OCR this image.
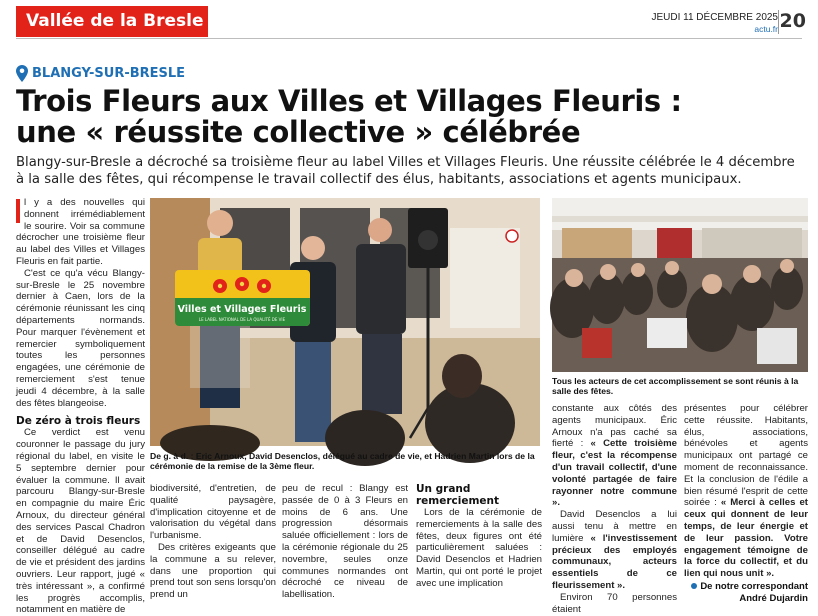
Vallée de la Bresle	JEUDI 11 DÉCEMBRE 2025
actu.fr 20
BLANGY-SUR-BRESLE
Trois Fleurs aux Villes et Villages Fleuris :
une « réussite collective » célébrée
Blangy-sur-Bresle a décroché sa troisième fleur au label Villes et Villages Fleuris. Une réussite célébrée le 4 décembre à la salle des fêtes, qui récompense le travail collectif des élus, habitants, associations et agents municipaux.

l y a des nouvelles qui donnent irrémédiablement le sourire. Voir sa commune décrocher une troisième fleur au label des Villes et Villages Fleuris en fait partie.

C'est ce qu'a vécu Blangy-sur-Bresle le 25 novembre dernier à Caen, lors de la cérémonie réunissant les cinq départements normands. Pour marquer l'évènement et remercier symboliquement toutes les personnes engagées, une cérémonie de remerciement s'est tenue jeudi 4 décembre, à la salle des fêtes blangeoise.

De zéro à trois fleurs

Ce verdict est venu couronner le passage du jury régional du label, en visite le 5 septembre dernier pour évaluer la commune. Il avait parcouru Blangy-sur-Bresle en compagnie du maire Éric Arnoux, du directeur général des services Pascal Chadron et de David Desenclos, conseiller délégué au cadre de vie et président des jardins ouvriers. Leur rapport, jugé « très intéressant », a confirmé les progrès accomplis, notamment en matière de

Villes et Villages Fleuris
LE LABEL NATIONAL DE LA QUALITÉ DE VIE
De g. à d. : Eric Arnoux, David Desenclos, délégué au cadre de vie, et Hadrien Martin lors de la cérémonie de la remise de la 3ème fleur.
Tous les acteurs de cet accomplissement se sont réunis à la salle des fêtes.

biodiversité, d'entretien, de qualité paysagère, d'implication citoyenne et de valorisation du végétal dans l'urbanisme.

Des critères exigeants que la commune a su relever, dans une proportion qui prend tout son sens lorsqu'on prend un

peu de recul : Blangy est passée de 0 à 3 Fleurs en moins de 6 ans. Une progression désormais saluée officiellement : lors de la cérémonie régionale du 25 novembre, seules onze communes normandes ont décroché ce niveau de labellisation.

Un grand
remerciement

Lors de la cérémonie de remerciements à la salle des fêtes, deux figures ont été particulièrement saluées : David Desenclos et Hadrien Martin, qui ont porté le projet avec une implication

constante aux côtés des agents municipaux. Éric Arnoux n'a pas caché sa fierté : « Cette troisième fleur, c'est la récompense d'un travail collectif, d'une volonté partagée de faire rayonner notre commune ».

David Desenclos a lui aussi tenu à mettre en lumière « l'investissement précieux des employés communaux, acteurs essentiels de ce fleurissement ».

Environ 70 personnes étaient

présentes pour célébrer cette réussite. Habitants, élus, associations, bénévoles et agents municipaux ont partagé ce moment de reconnaissance. Et la conclusion de l'édile a bien résumé l'esprit de cette soirée : « Merci à celles et ceux qui donnent de leur temps, de leur énergie et de leur passion. Votre engagement témoigne de la force du collectif, et du lien qui nous unit ».

De notre correspondant
André Dujardin
